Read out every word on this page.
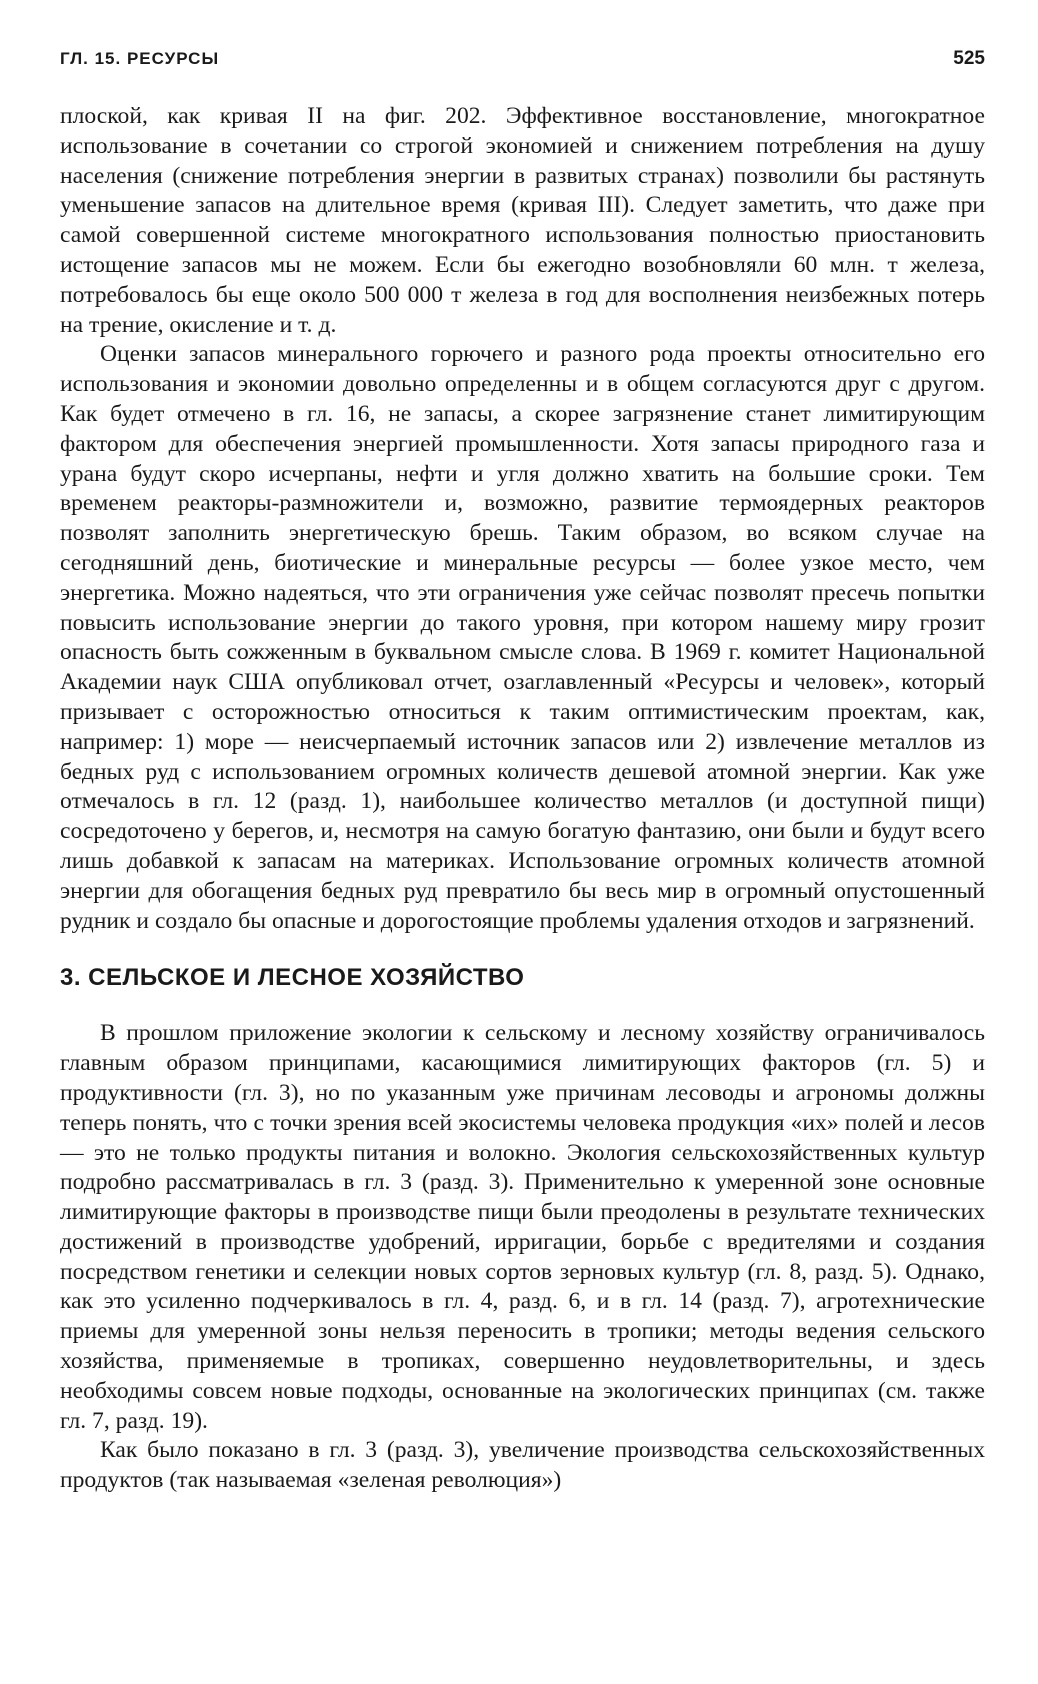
ГЛ. 15. РЕСУРСЫ	525

плоской, как кривая II на фиг. 202. Эффективное восстановление, многократное использование в сочетании со строгой экономией и снижением потребления на душу населения (снижение потребления энергии в развитых странах) позволили бы растянуть уменьшение запасов на длительное время (кривая III). Следует заметить, что даже при самой совершенной системе многократного использования полностью приостановить истощение запасов мы не можем. Если бы ежегодно возобновляли 60 млн. т железа, потребовалось бы еще около 500 000 т железа в год для восполнения неизбежных потерь на трение, окисление и т. д.

Оценки запасов минерального горючего и разного рода проекты относительно его использования и экономии довольно определенны и в общем согласуются друг с другом. Как будет отмечено в гл. 16, не запасы, а скорее загрязнение станет лимитирующим фактором для обеспечения энергией промышленности. Хотя запасы природного газа и урана будут скоро исчерпаны, нефти и угля должно хватить на большие сроки. Тем временем реакторы-размножители и, возможно, развитие термоядерных реакторов позволят заполнить энергетическую брешь. Таким образом, во всяком случае на сегодняшний день, биотические и минеральные ресурсы — более узкое место, чем энергетика. Можно надеяться, что эти ограничения уже сейчас позволят пресечь попытки повысить использование энергии до такого уровня, при котором нашему миру грозит опасность быть сожженным в буквальном смысле слова. В 1969 г. комитет Национальной Академии наук США опубликовал отчет, озаглавленный «Ресурсы и человек», который призывает с осторожностью относиться к таким оптимистическим проектам, как, например: 1) море — неисчерпаемый источник запасов или 2) извлечение металлов из бедных руд с использованием огромных количеств дешевой атомной энергии. Как уже отмечалось в гл. 12 (разд. 1), наибольшее количество металлов (и доступной пищи) сосредоточено у берегов, и, несмотря на самую богатую фантазию, они были и будут всего лишь добавкой к запасам на материках. Использование огромных количеств атомной энергии для обогащения бедных руд превратило бы весь мир в огромный опустошенный рудник и создало бы опасные и дорогостоящие проблемы удаления отходов и загрязнений.

3. СЕЛЬСКОЕ И ЛЕСНОЕ ХОЗЯЙСТВО

В прошлом приложение экологии к сельскому и лесному хозяйству ограничивалось главным образом принципами, касающимися лимитирующих факторов (гл. 5) и продуктивности (гл. 3), но по указанным уже причинам лесоводы и агрономы должны теперь понять, что с точки зрения всей экосистемы человека продукция «их» полей и лесов — это не только продукты питания и волокно. Экология сельскохозяйственных культур подробно рассматривалась в гл. 3 (разд. 3). Применительно к умеренной зоне основные лимитирующие факторы в производстве пищи были преодолены в результате технических достижений в производстве удобрений, ирригации, борьбе с вредителями и создания посредством генетики и селекции новых сортов зерновых культур (гл. 8, разд. 5). Однако, как это усиленно подчеркивалось в гл. 4, разд. 6, и в гл. 14 (разд. 7), агротехнические приемы для умеренной зоны нельзя переносить в тропики; методы ведения сельского хозяйства, применяемые в тропиках, совершенно неудовлетворительны, и здесь необходимы совсем новые подходы, основанные на экологических принципах (см. также гл. 7, разд. 19).

Как было показано в гл. 3 (разд. 3), увеличение производства сельскохозяйственных продуктов (так называемая «зеленая революция»)
